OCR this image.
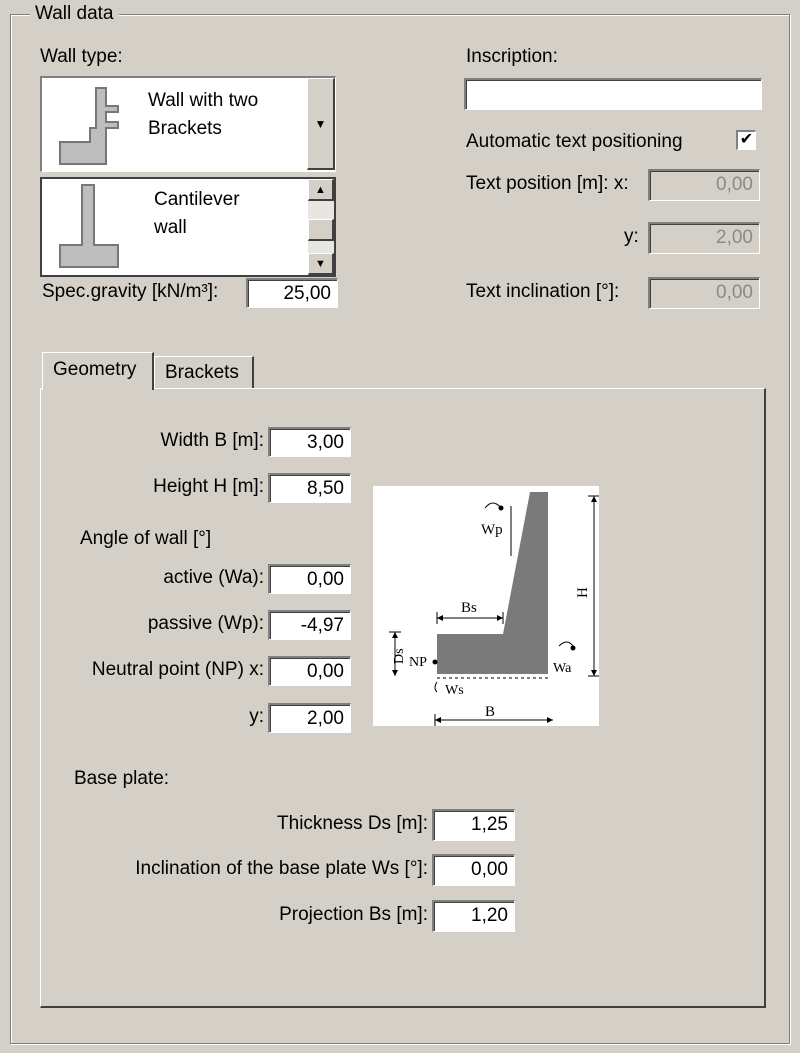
Wall data
Wall type:
Wall with two
Brackets	▼
Cantilever
wall
▲
▼
Spec.gravity [kN/m³]:	25,00
Inscription:
Automatic text positioning	✔
Text position [m]: x:	0,00
y:	2,00
Text inclination [°]:	0,00
Geometry	Brackets
Width B [m]:	3,00
Height H [m]:	8,50
Angle of wall [°]
active (Wa):	0,00
passive (Wp):	-4,97
Neutral point (NP) x:	0,00
y:	2,00
Base plate:
Thickness Ds [m]:	1,25
Inclination of the base plate Ws [°]:	0,00
Projection Bs [m]:	1,20
Wp
Bs
H
Ds NP	Wa
Ws
B
